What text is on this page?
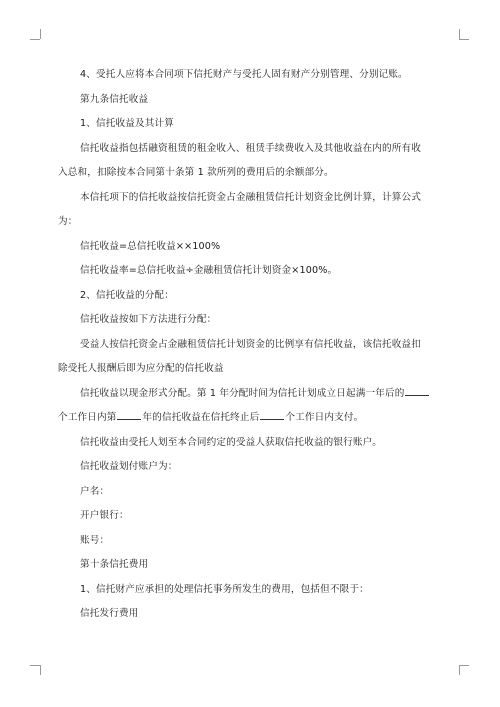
4、受托人应将本合同项下信托财产与受托人固有财产分别管理、分别记账。

第九条信托收益

1、信托收益及其计算

信托收益指包括融资租赁的租金收入、租赁手续费收入及其他收益在内的所有收

入总和，扣除按本合同第十条第 1 款所列的费用后的余额部分。

本信托项下的信托收益按信托资金占金融租赁信托计划资金比例计算，计算公式

为：

信托收益=总信托收益××100%

信托收益率=总信托收益÷金融租赁信托计划资金×100%。

2、信托收益的分配：

信托收益按如下方法进行分配：

受益人按信托资金占金融租赁信托计划资金的比例享有信托收益，该信托收益扣

除受托人报酬后即为应分配的信托收益

信托收益以现金形式分配。第 1 年分配时间为信托计划成立日起满一年后的

个工作日内第	年的信托收益在信托终止后	个工作日内支付。

信托收益由受托人划至本合同约定的受益人获取信托收益的银行账户。

信托收益划付账户为：

户名：

开户银行：

账号：

第十条信托费用

1、信托财产应承担的处理信托事务所发生的费用，包括但不限于：

信托发行费用
